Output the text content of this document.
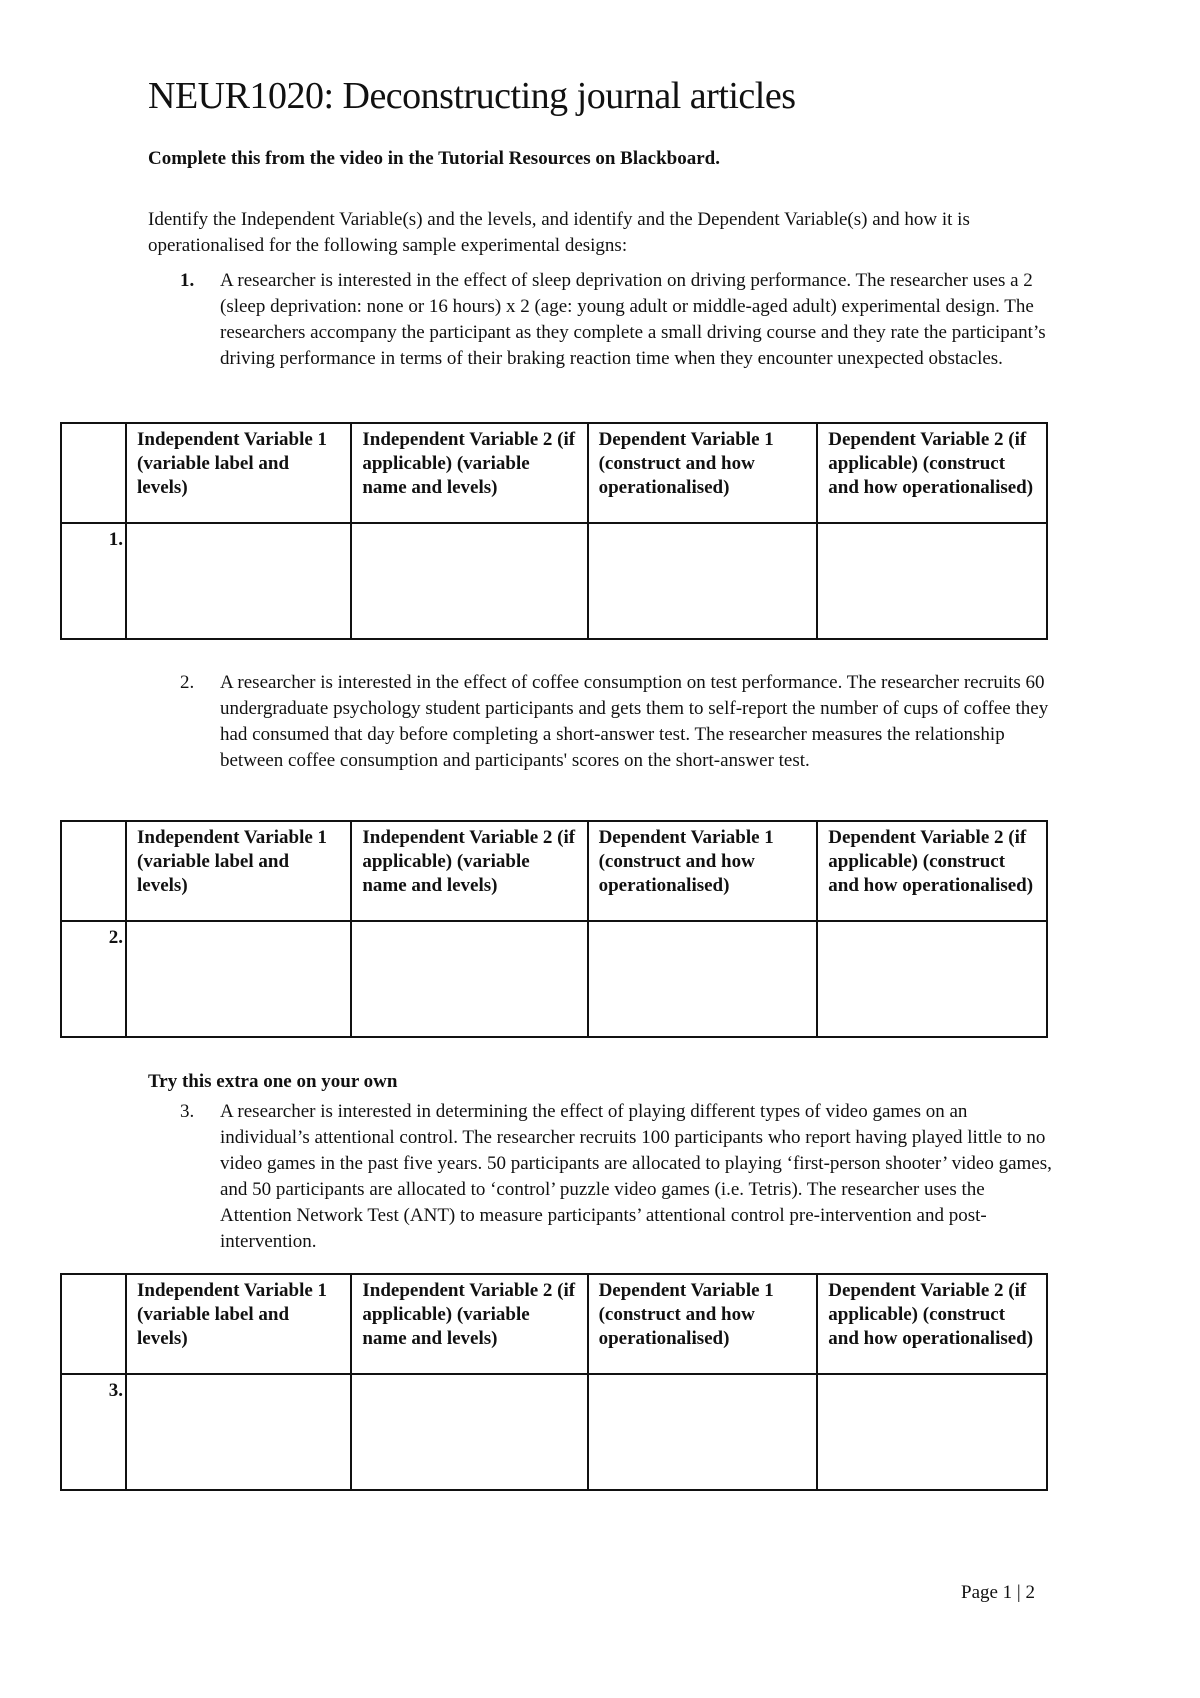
NEUR1020: Deconstructing journal articles
Complete this from the video in the Tutorial Resources on Blackboard.
Identify the Independent Variable(s) and the levels, and identify and the Dependent Variable(s) and how it is operationalised for the following sample experimental designs:
1.	A researcher is interested in the effect of sleep deprivation on driving performance. The researcher uses a 2 (sleep deprivation: none or 16 hours) x 2 (age: young adult or middle-aged adult) experimental design. The researchers accompany the participant as they complete a small driving course and they rate the participant’s driving performance in terms of their braking reaction time when they encounter unexpected obstacles.
	Independent Variable 1 (variable label and levels)	Independent Variable 2 (if applicable) (variable name and levels)	Dependent Variable 1 (construct and how operationalised)	Dependent Variable 2 (if applicable) (construct and how operationalised)
1.				
2.	A researcher is interested in the effect of coffee consumption on test performance. The researcher recruits 60 undergraduate psychology student participants and gets them to self-report the number of cups of coffee they had consumed that day before completing a short-answer test. The researcher measures the relationship between coffee consumption and participants' scores on the short-answer test.
	Independent Variable 1 (variable label and levels)	Independent Variable 2 (if applicable) (variable name and levels)	Dependent Variable 1 (construct and how operationalised)	Dependent Variable 2 (if applicable) (construct and how operationalised)
2.				
Try this extra one on your own
3.	A researcher is interested in determining the effect of playing different types of video games on an individual’s attentional control. The researcher recruits 100 participants who report having played little to no video games in the past five years. 50 participants are allocated to playing ‘first-person shooter’ video games, and 50 participants are allocated to ‘control’ puzzle video games (i.e. Tetris). The researcher uses the Attention Network Test (ANT) to measure participants’ attentional control pre-intervention and post-intervention.
	Independent Variable 1 (variable label and levels)	Independent Variable 2 (if applicable) (variable name and levels)	Dependent Variable 1 (construct and how operationalised)	Dependent Variable 2 (if applicable) (construct and how operationalised)
3.				
Page 1 | 2
